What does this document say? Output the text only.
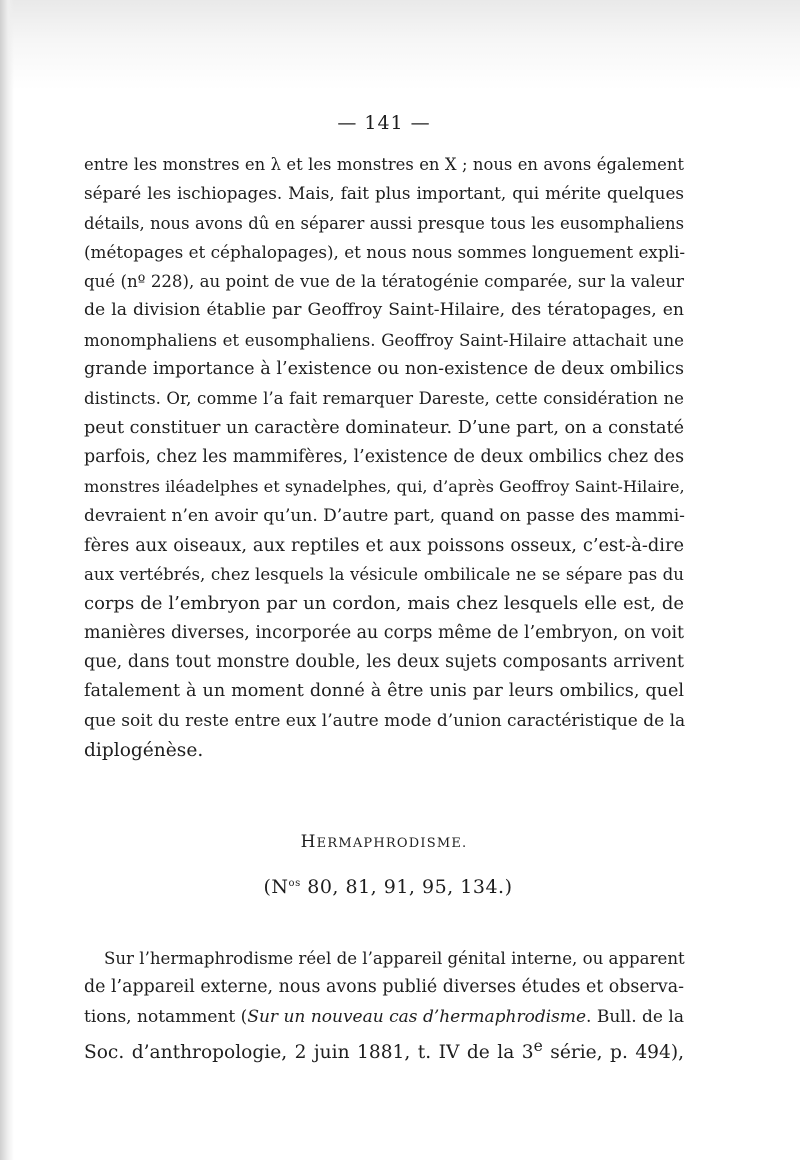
— 141 —
entre les monstres en λ et les monstres en X ; nous en avons également
séparé les ischiopages. Mais, fait plus important, qui mérite quelques
détails, nous avons dû en séparer aussi presque tous les eusomphaliens
(métopages et céphalopages), et nous nous sommes longuement expli-
qué (nº 228), au point de vue de la tératogénie comparée, sur la valeur
de la division établie par Geoffroy Saint-Hilaire, des tératopages, en
monomphaliens et eusomphaliens. Geoffroy Saint-Hilaire attachait une
grande importance à l’existence ou non-existence de deux ombilics
distincts. Or, comme l’a fait remarquer Dareste, cette considération ne
peut constituer un caractère dominateur. D’une part, on a constaté
parfois, chez les mammifères, l’existence de deux ombilics chez des
monstres iléadelphes et synadelphes, qui, d’après Geoffroy Saint-Hilaire,
devraient n’en avoir qu’un. D’autre part, quand on passe des mammi-
fères aux oiseaux, aux reptiles et aux poissons osseux, c’est-à-dire
aux vertébrés, chez lesquels la vésicule ombilicale ne se sépare pas du
corps de l’embryon par un cordon, mais chez lesquels elle est, de
manières diverses, incorporée au corps même de l’embryon, on voit
que, dans tout monstre double, les deux sujets composants arrivent
fatalement à un moment donné à être unis par leurs ombilics, quel
que soit du reste entre eux l’autre mode d’union caractéristique de la
diplogénèse.
HERMAPHRODISME.
($N^{os}$ 80, 81, 91, 95, 134.)
Sur l’hermaphrodisme réel de l’appareil génital interne, ou apparent
de l’appareil externe, nous avons publié diverses études et observa-
tions, notamment (Sur un nouveau cas d’hermaphrodisme. Bull. de la
Soc. d’anthropologie, 2 juin 1881, t. IV de la 3e série, p. 494),
